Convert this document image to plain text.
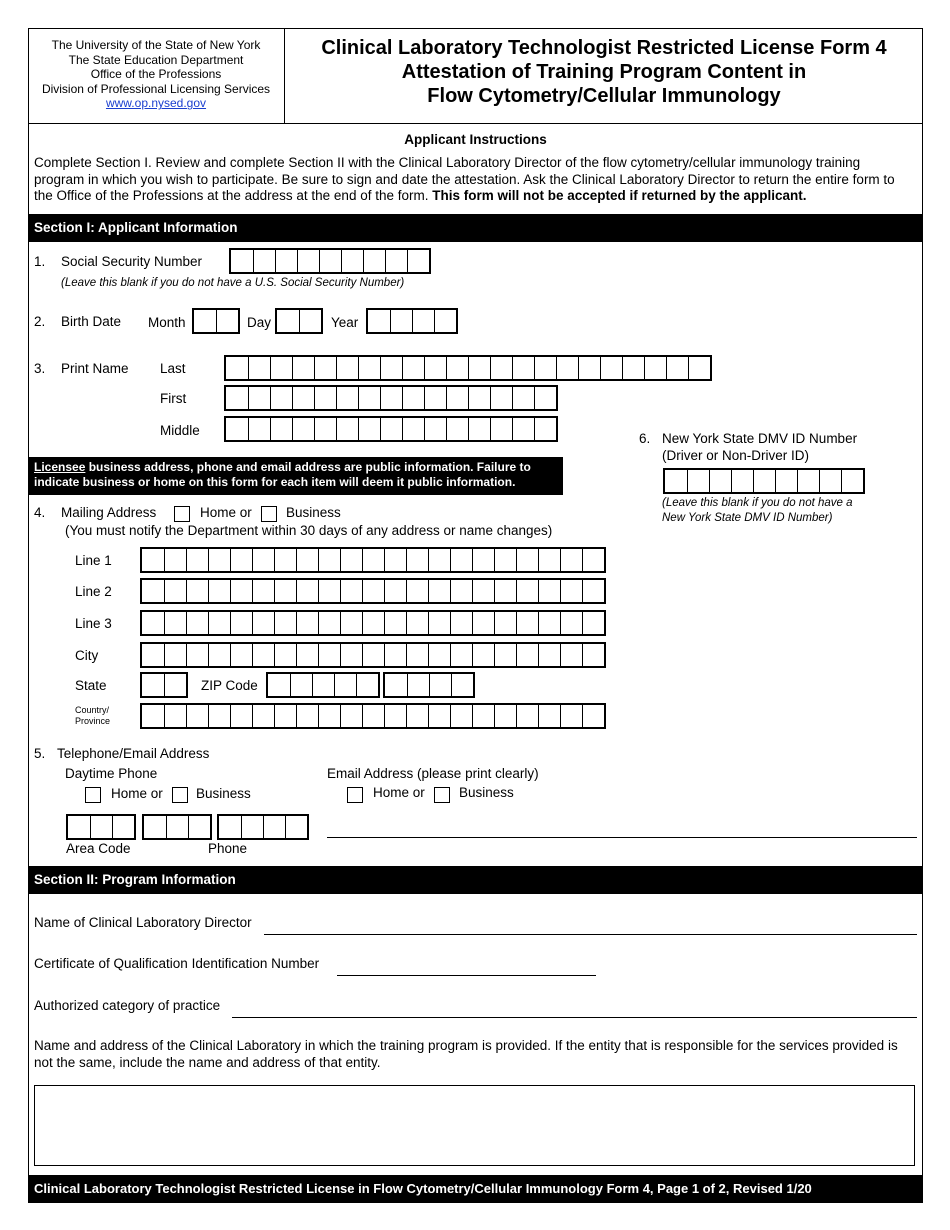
The University of the State of New York
The State Education Department
Office of the Professions
Division of Professional Licensing Services
www.op.nysed.gov
Clinical Laboratory Technologist Restricted License Form 4
Attestation of Training Program Content in
Flow Cytometry/Cellular Immunology
Applicant Instructions
Complete Section I. Review and complete Section II with the Clinical Laboratory Director of the flow cytometry/cellular immunology training program in which you wish to participate. Be sure to sign and date the attestation. Ask the Clinical Laboratory Director to return the entire form to the Office of the Professions at the address at the end of the form. This form will not be accepted if returned by the applicant.
Section I: Applicant Information
1. Social Security Number
(Leave this blank if you do not have a U.S. Social Security Number)
2. Birth Date Month	Day	Year
3. Print Name Last
First
Middle
6. New York State DMV ID Number
(Driver or Non-Driver ID)
(Leave this blank if you do not have a
New York State DMV ID Number)
Licensee business address, phone and email address are public information. Failure to
indicate business or home on this form for each item will deem it public information.
4. Mailing Address	Home or	Business
(You must notify the Department within 30 days of any address or name changes)
Line 1
Line 2
Line 3
City
State	ZIP Code
Country/
Province
5. Telephone/Email Address
Daytime Phone
Home or Business
Email Address (please print clearly)
Home or	Business
Area Code	Phone
Section II: Program Information
Name of Clinical Laboratory Director
Certificate of Qualification Identification Number
Authorized category of practice
Name and address of the Clinical Laboratory in which the training program is provided. If the entity that is responsible for the services provided is not the same, include the name and address of that entity.
Clinical Laboratory Technologist Restricted License in Flow Cytometry/Cellular Immunology Form 4, Page 1 of 2, Revised 1/20
